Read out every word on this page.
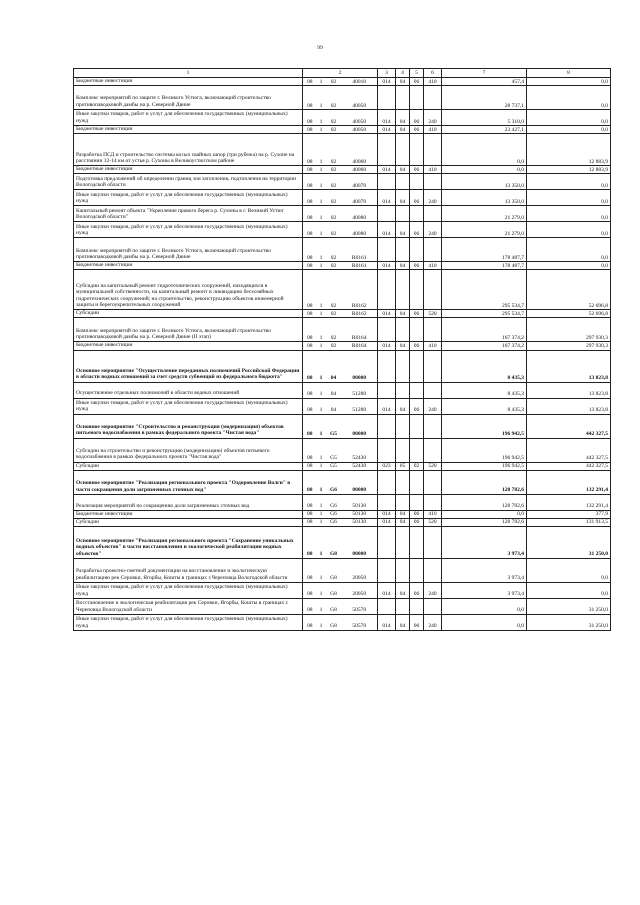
99
1	2				3	4	5	6	7	8
Бюджетные инвестиции	08	1	02	40010	014	04	06	410	457,4	0,0
Комплекс мероприятий по защите г. Великого Устюга, включающий строительство противопаводковой дамбы на р. Северной Двине	08	1	02	40050					28 737,1	0,0
Иные закупки товаров, работ и услуг для обеспечения государственных (муниципальных) нужд	08	1	02	40050	014	04	06	240	5 310,0	0,0
Бюджетные инвестиции	08	1	02	40050	014	04	06	410	23 427,1	0,0
Разработка ПСД и строительство системы косых свайных шпор (три рубежа) на р. Сухоне на расстоянии 12-14 км от устья р. Сухоны в Великоустюгском районе	08	1	02	40060					0,0	12 883,9
Бюджетные инвестиции	08	1	02	40060	014	04	06	410	0,0	12 883,9
Подготовка предложений об определении границ зон затопления, подтопления на территории Вологодской области	08	1	02	40070					13 350,0	0,0
Иные закупки товаров, работ и услуг для обеспечения государственных (муниципальных) нужд	08	1	02	40070	014	04	06	240	13 350,0	0,0
Капитальный ремонт объекта "Укрепление правого берега р. Сухоны в г. Великий Устюг Вологодской области"	08	1	02	40080					21 279,0	0,0
Иные закупки товаров, работ и услуг для обеспечения государственных (муниципальных) нужд	08	1	02	40080	014	04	06	240	21 279,0	0,0
Комплекс мероприятий по защите г. Великого Устюга, включающий строительство противопаводковой дамбы на р. Северной Двине	08	1	02	R0161					178 487,7	0,0
Бюджетные инвестиции	08	1	02	R0161	014	04	06	410	178 487,7	0,0
Субсидии на капитальный ремонт гидротехнических сооружений, находящихся в муниципальной собственности, на капитальный ремонт и ликвидацию бесхозяйных гидротехнических сооружений; на строительство, реконструкцию объектов инженерной защиты и берегоукрепительных сооружений	08	1	02	R0162					295 534,7	52 696,8
Субсидии	08	1	02	R0162	014	04	06	520	295 534,7	52 696,8
Комплекс мероприятий по защите г. Великого Устюга, включающий строительство противопаводковой дамбы на р. Северной Двине (II этап)	08	1	02	R0164					167 374,2	297 930,3
Бюджетные инвестиции	08	1	02	R0164	014	04	06	410	167 374,2	297 930,3
Основное мероприятие "Осуществление переданных полномочий Российской Федерации в области водных отношений за счет средств субвенций из федерального бюджета"	08	1	04	00000					8 435,3	13 823,8
Осуществление отдельных полномочий в области водных отношений	08	1	04	51280					8 435,3	13 823,8
Иные закупки товаров, работ и услуг для обеспечения государственных (муниципальных) нужд	08	1	04	51280	014	04	06	240	8 435,3	13 823,8
Основное мероприятие "Строительство и реконструкция (модернизация) объектов питьевого водоснабжения в рамках федерального проекта "Чистая вода"	08	1	G5	00000					196 942,5	442 327,5
Субсидии на строительство и реконструкцию (модернизацию) объектов питьевого водоснабжения в рамках федерального проекта "Чистая вода"	08	1	G5	52430					196 942,5	442 327,5
Субсидии	08	1	G5	52430	023	05	02	520	196 942,5	442 327,5
Основное мероприятие "Реализация регионального проекта "Оздоровление Волги" в части сокращения доли загрязненных сточных вод"	08	1	G6	00000					128 782,6	132 291,4
Реализация мероприятий по сокращению доли загрязненных сточных вод	08	1	G6	50130					128 782,6	132 291,4
Бюджетные инвестиции	08	1	G6	50130	014	04	06	410	0,0	377,9
Субсидии	08	1	G6	50130	014	04	06	520	128 782,6	131 913,5
Основное мероприятие "Реализация регионального проекта "Сохранение уникальных водных объектов" в части восстановления и экологической реабилитации водных объектов"	08	1	G8	00000					3 973,4	31 250,0
Разработка проектно-сметной документации на восстановление и экологическую реабилитацию рек Серовки, Ягорбы, Кошты в границах г.Череповца Вологодской области	08	1	G8	20050					3 973,4	0,0
Иные закупки товаров, работ и услуг для обеспечения государственных (муниципальных) нужд	08	1	G8	20050	014	04	06	240	3 973,4	0,0
Восстановление и экологическая реабилитация рек Серовки, Ягорбы, Кошты в границах г. Череповца Вологодской области	08	1	G8	50570					0,0	31 250,0
Иные закупки товаров, работ и услуг для обеспечения государственных (муниципальных) нужд	08	1	G8	50570	014	04	06	240	0,0	31 250,0
